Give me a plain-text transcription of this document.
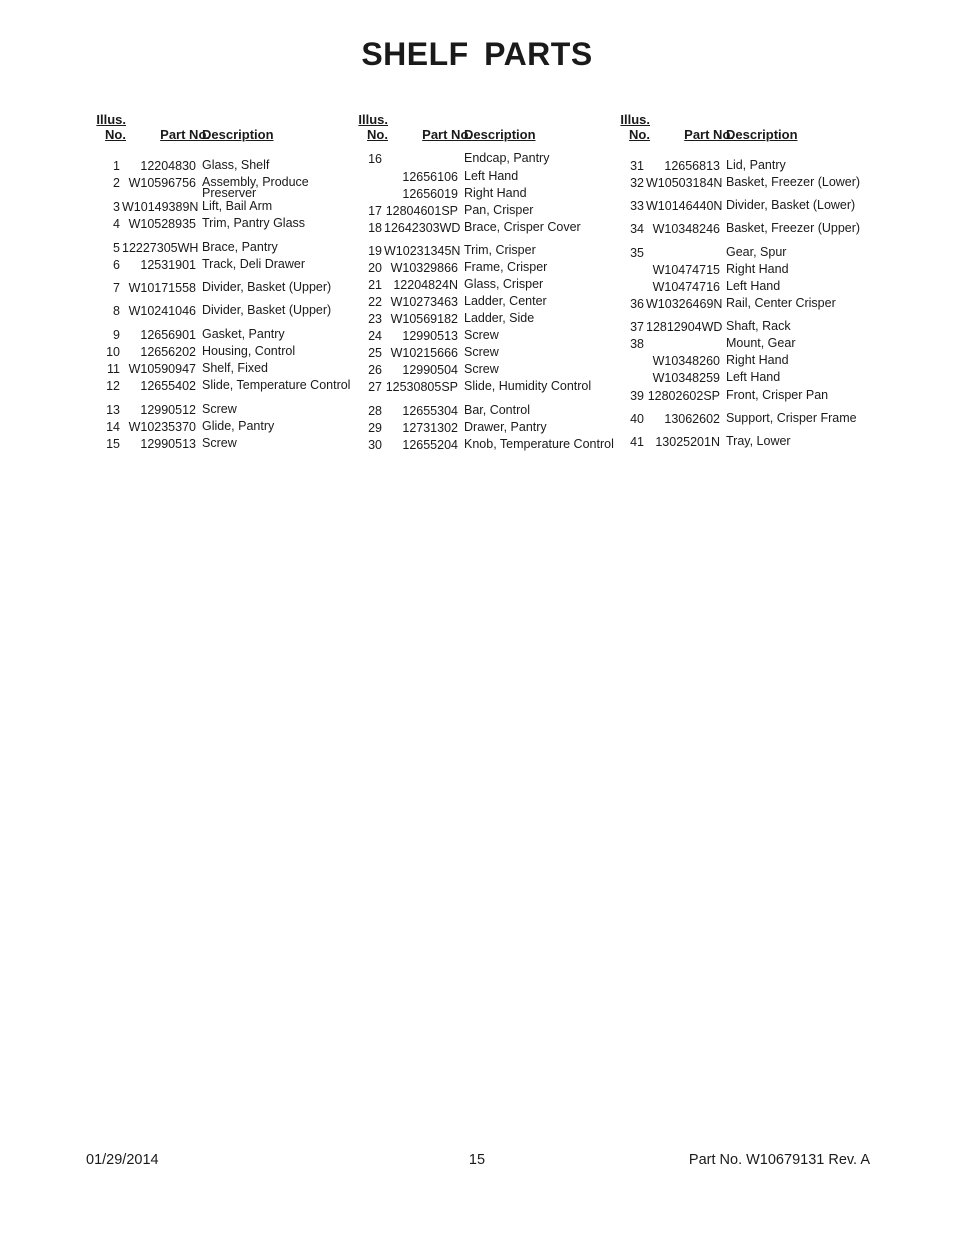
SHELF PARTS
Illus.
No.	Part No.
Description
1	12204830 Glass, Shelf
2 W10596756 Assembly, Produce Preserver
3 W10149389N Lift, Bail Arm
4 W10528935 Trim, Pantry Glass
5 12227305WH Brace, Pantry
6	12531901 Track, Deli Drawer
7 W10171558 Divider, Basket (Upper)
8 W10241046 Divider, Basket (Upper)
9	12656901 Gasket, Pantry
10	12656202 Housing, Control
11 W10590947 Shelf, Fixed
12	12655402 Slide, Temperature Control
13	12990512 Screw
14 W10235370 Glide, Pantry
15	12990513 Screw
Illus.
No.	Part No.
Description
16	Endcap, Pantry
12656106 Left Hand
12656019 Right Hand
17 12804601SP Pan, Crisper
18 12642303WD Brace, Crisper Cover
19 W10231345N Trim, Crisper
20 W10329866 Frame, Crisper
21 12204824N Glass, Crisper
22 W10273463 Ladder, Center
23 W10569182 Ladder, Side
24	12990513 Screw
25 W10215666 Screw
26	12990504 Screw
27 12530805SP Slide, Humidity Control
28	12655304 Bar, Control
29	12731302 Drawer, Pantry
30	12655204 Knob, Temperature Control
Illus.
No.	Part No.
Description
31	12656813 Lid, Pantry
32 W10503184N Basket, Freezer (Lower)
33 W10146440N Divider, Basket (Lower)
34 W10348246 Basket, Freezer (Upper)
35	Gear, Spur
W10474715 Right Hand
W10474716 Left Hand
36 W10326469N Rail, Center Crisper
37 12812904WD Shaft, Rack
38	Mount, Gear
W10348260 Right Hand
W10348259 Left Hand
39 12802602SP Front, Crisper Pan
40	13062602 Support, Crisper Frame
41 13025201N Tray, Lower
01/29/2014	15	Part No. W10679131 Rev. A
